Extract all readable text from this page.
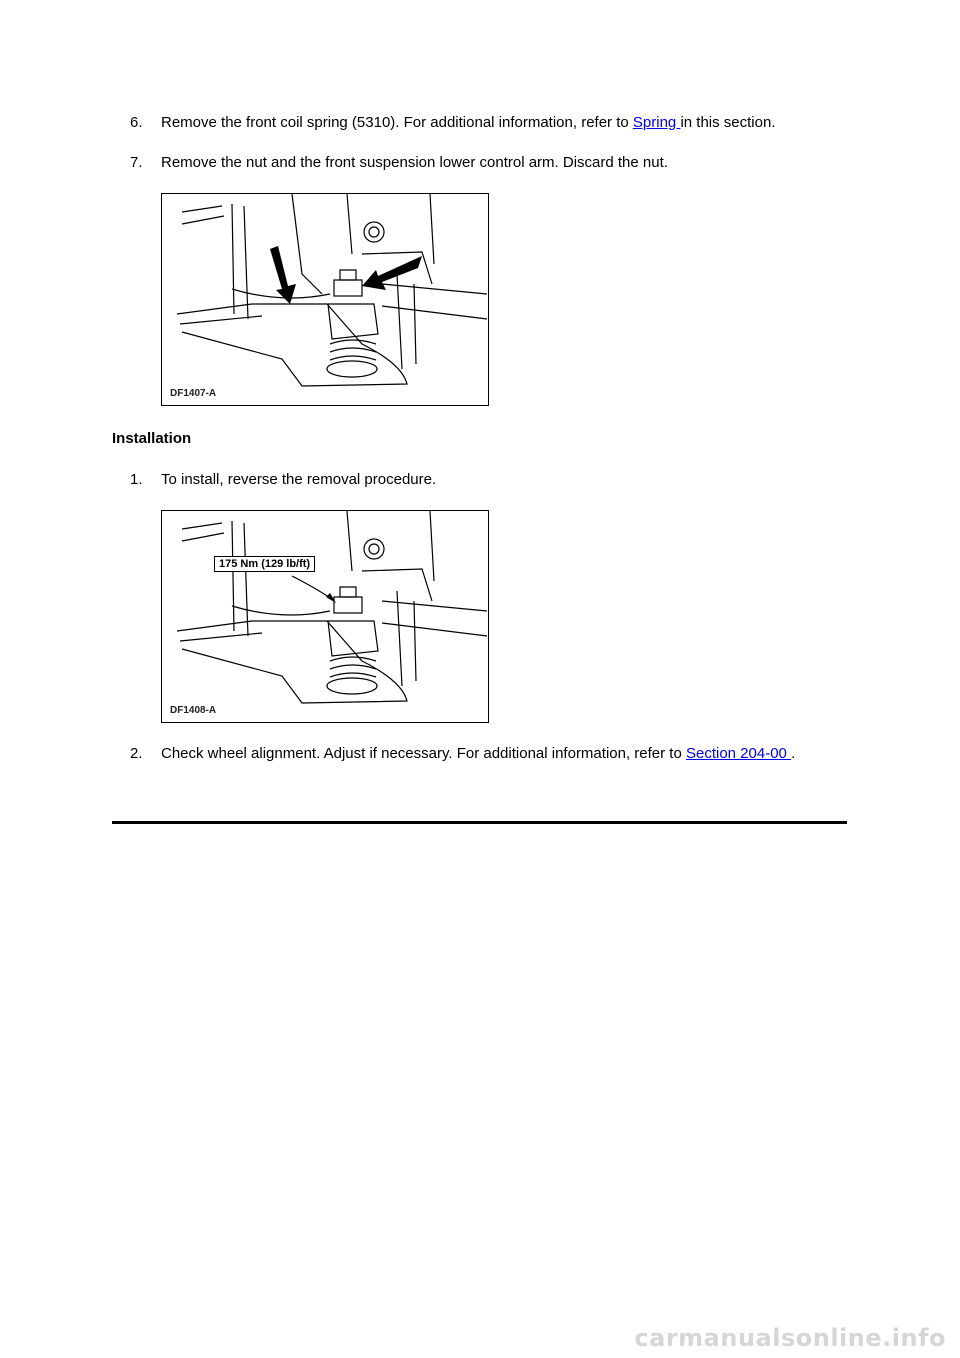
6.	Remove the front coil spring (5310). For additional information, refer to Spring in this section.
7.	Remove the nut and the front suspension lower control arm. Discard the nut.
DF1407-A
Installation
1.	To install, reverse the removal procedure.
175 Nm (129 lb/ft)
DF1408-A
2.	Check wheel alignment. Adjust if necessary. For additional information, refer to Section 204-00 .
carmanualsonline.info
